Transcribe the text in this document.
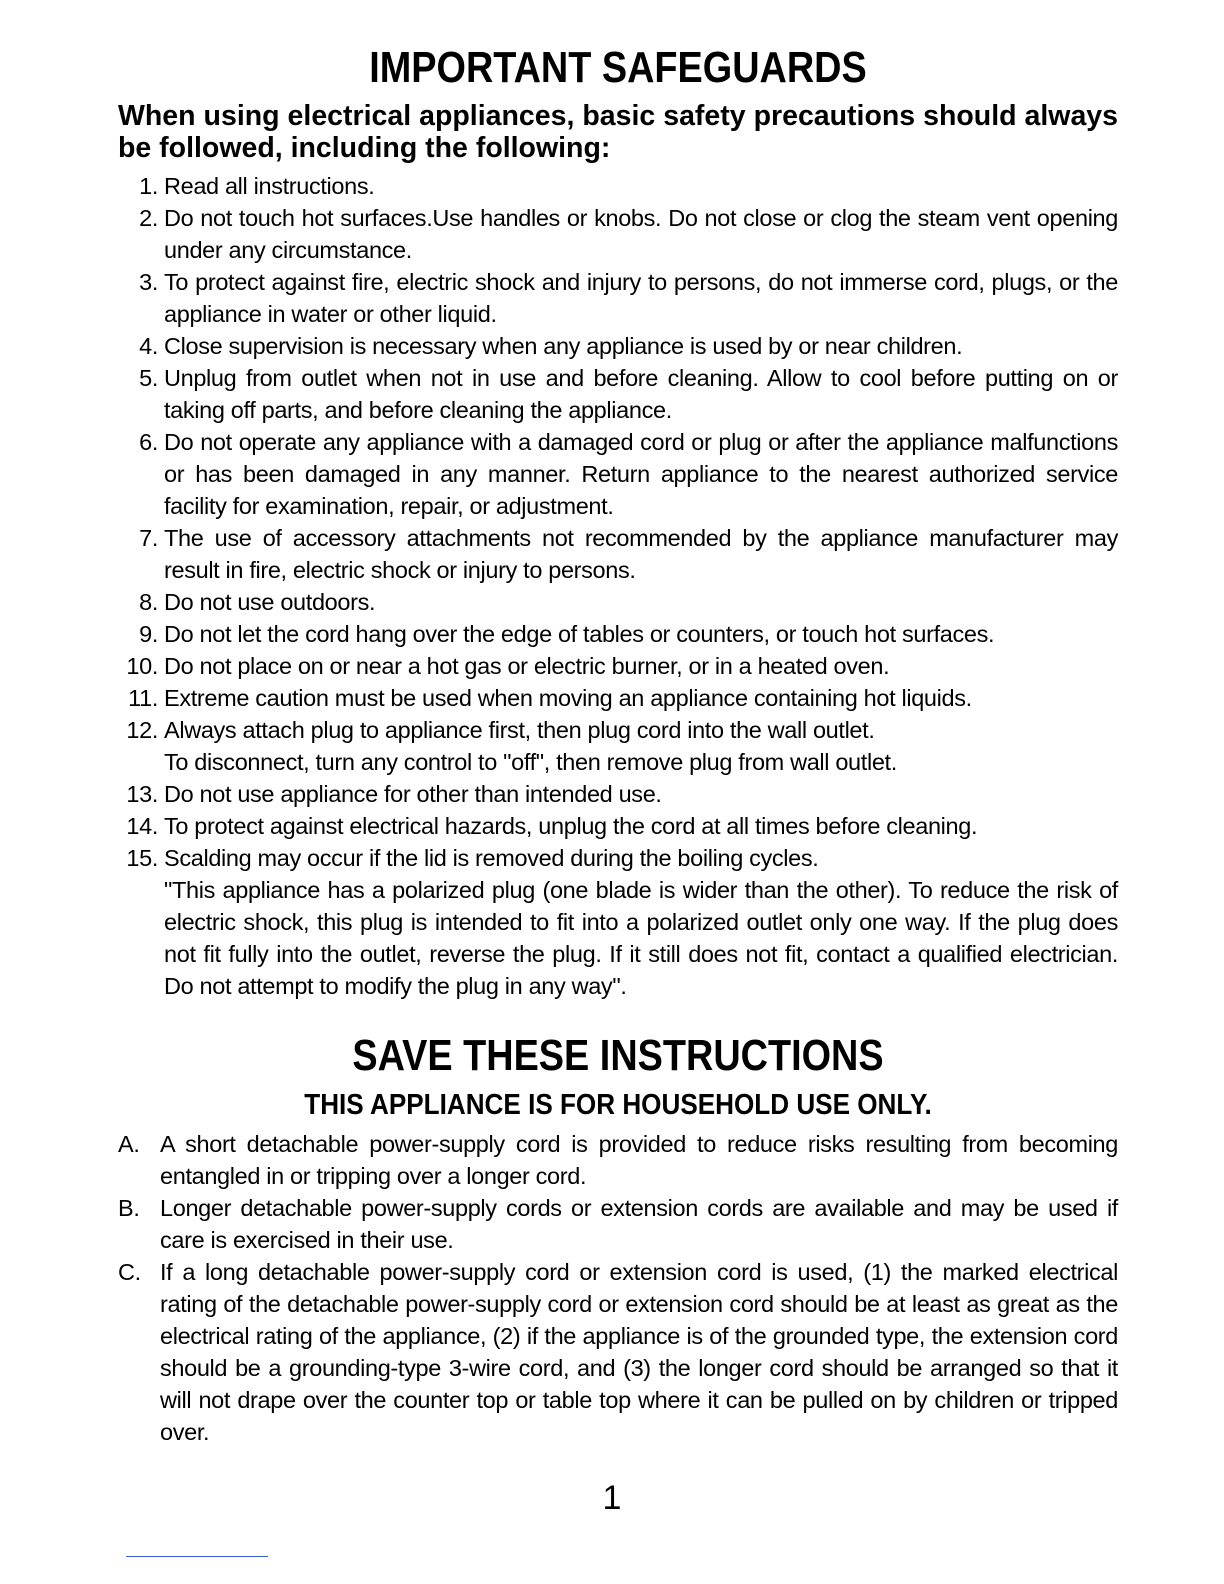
IMPORTANT SAFEGUARDS

When using electrical appliances, basic safety precautions should always be followed, including the following:

1. Read all instructions.
2. Do not touch hot surfaces.Use handles or knobs. Do not close or clog the steam vent opening under any circumstance.
3. To protect against fire, electric shock and injury to persons, do not immerse cord, plugs, or the appliance in water or other liquid.
4. Close supervision is necessary when any appliance is used by or near children.
5. Unplug from outlet when not in use and before cleaning. Allow to cool before putting on or taking off parts, and before cleaning the appliance.
6. Do not operate any appliance with a damaged cord or plug or after the appliance malfunctions or has been damaged in any manner. Return appliance to the nearest authorized service facility for examination, repair, or adjustment.
7. The use of accessory attachments not recommended by the appliance manufacturer may result in fire, electric shock or injury to persons.
8. Do not use outdoors.
9. Do not let the cord hang over the edge of tables or counters, or touch hot surfaces.
10. Do not place on or near a hot gas or electric burner, or in a heated oven.
11. Extreme caution must be used when moving an appliance containing hot liquids.
12. Always attach plug to appliance first, then plug cord into the wall outlet.
To disconnect, turn any control to "off", then remove plug from wall outlet.
13. Do not use appliance for other than intended use.
14. To protect against electrical hazards, unplug the cord at all times before cleaning.
15. Scalding may occur if the lid is removed during the boiling cycles.
"This appliance has a polarized plug (one blade is wider than the other). To reduce the risk of electric shock, this plug is intended to fit into a polarized outlet only one way. If the plug does not fit fully into the outlet, reverse the plug. If it still does not fit, contact a qualified electrician. Do not attempt to modify the plug in any way".
SAVE THESE INSTRUCTIONS
THIS APPLIANCE IS FOR HOUSEHOLD USE ONLY.
A. A short detachable power-supply cord is provided to reduce risks resulting from becoming entangled in or tripping over a longer cord.
B. Longer detachable power-supply cords or extension cords are available and may be used if care is exercised in their use.
C. If a long detachable power-supply cord or extension cord is used, (1) the marked electrical rating of the detachable power-supply cord or extension cord should be at least as great as the electrical rating of the appliance, (2) if the appliance is of the grounded type, the extension cord should be a grounding-type 3-wire cord, and (3) the longer cord should be arranged so that it will not drape over the counter top or table top where it can be pulled on by children or tripped over.
1
